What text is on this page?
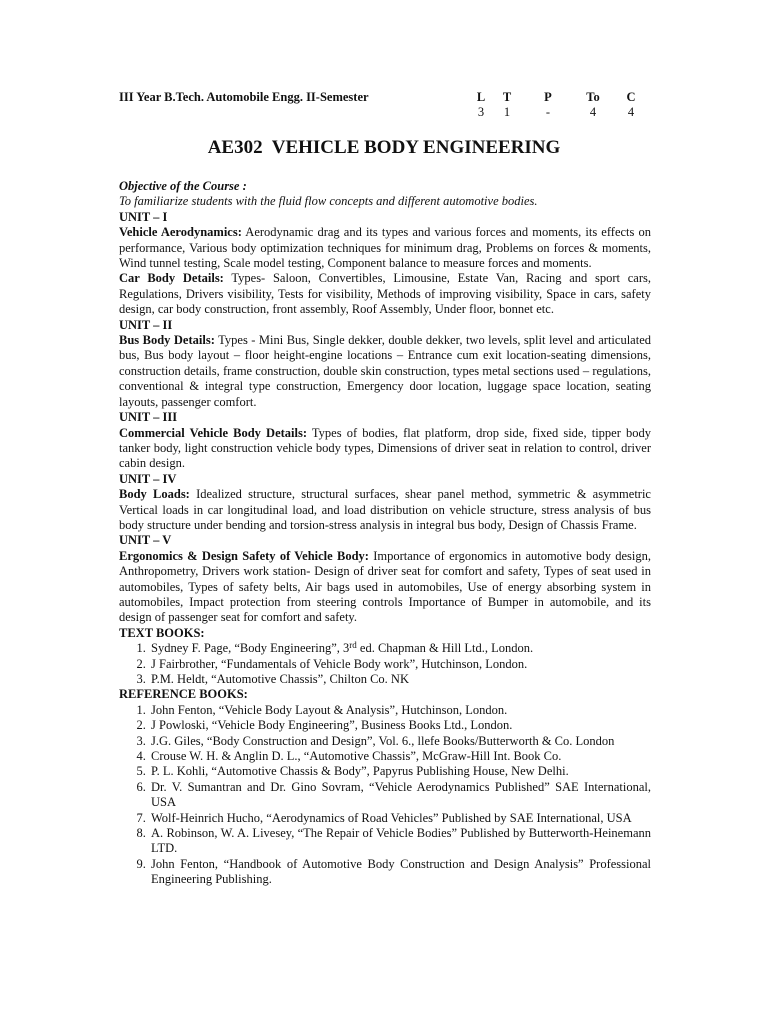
III Year B.Tech. Automobile Engg. II-Semester	L
3
T
1
P
-
To
4
C
4
AE302  VEHICLE BODY ENGINEERING

Objective of the Course :

To familiarize students with the fluid flow concepts and different automotive bodies.

UNIT – I

Vehicle Aerodynamics: Aerodynamic drag and its types and various forces and moments, its effects on performance, Various body optimization techniques for minimum drag, Problems on forces & moments, Wind tunnel testing, Scale model testing, Component balance to measure forces and moments.

Car Body Details: Types- Saloon, Convertibles, Limousine, Estate Van, Racing and sport cars, Regulations, Drivers visibility, Tests for visibility, Methods of improving visibility, Space in cars, safety design, car body construction, front assembly, Roof Assembly, Under floor, bonnet etc.

UNIT – II

Bus Body Details: Types - Mini Bus, Single dekker, double dekker, two levels, split level and articulated bus, Bus body layout – floor height-engine locations – Entrance cum exit location-seating dimensions, construction details, frame construction, double skin construction, types metal sections used – regulations, conventional & integral type construction, Emergency door location, luggage space location, seating layouts, passenger comfort.

UNIT – III

Commercial Vehicle Body Details: Types of bodies, flat platform, drop side, fixed side, tipper body tanker body, light construction vehicle body types, Dimensions of driver seat in relation to control, driver cabin design.

UNIT – IV

Body Loads: Idealized structure, structural surfaces, shear panel method, symmetric & asymmetric Vertical loads in car longitudinal load, and load distribution on vehicle structure, stress analysis of bus body structure under bending and torsion-stress analysis in integral bus body, Design of Chassis Frame.

UNIT – V

Ergonomics & Design Safety of Vehicle Body: Importance of ergonomics in automotive body design, Anthropometry, Drivers work station- Design of driver seat for comfort and safety, Types of seat used in automobiles, Types of safety belts, Air bags used in automobiles, Use of energy absorbing system in automobiles, Impact protection from steering controls Importance of Bumper in automobile, and its design of passenger seat for comfort and safety.

TEXT BOOKS:

1. Sydney F. Page, “Body Engineering”, 3rd ed. Chapman & Hill Ltd., London.
2. J Fairbrother, “Fundamentals of Vehicle Body work”, Hutchinson, London.
3. P.M. Heldt, “Automotive Chassis”, Chilton Co. NK

REFERENCE BOOKS:

1. John Fenton, “Vehicle Body Layout & Analysis”, Hutchinson, London.
2. J Powloski, “Vehicle Body Engineering”, Business Books Ltd., London.
3. J.G. Giles, “Body Construction and Design”, Vol. 6., llefe Books/Butterworth & Co. London
4. Crouse W. H. & Anglin D. L., “Automotive Chassis”, McGraw-Hill Int. Book Co.
5. P. L. Kohli, “Automotive Chassis & Body”, Papyrus Publishing House, New Delhi.
6. Dr. V. Sumantran and Dr. Gino Sovram, “Vehicle Aerodynamics Published” SAE International, USA
7. Wolf-Heinrich Hucho, “Aerodynamics of Road Vehicles” Published by SAE International, USA
8. A. Robinson, W. A. Livesey, “The Repair of Vehicle Bodies” Published by Butterworth-Heinemann LTD.
9. John Fenton, “Handbook of Automotive Body Construction and Design Analysis” Professional Engineering Publishing.
